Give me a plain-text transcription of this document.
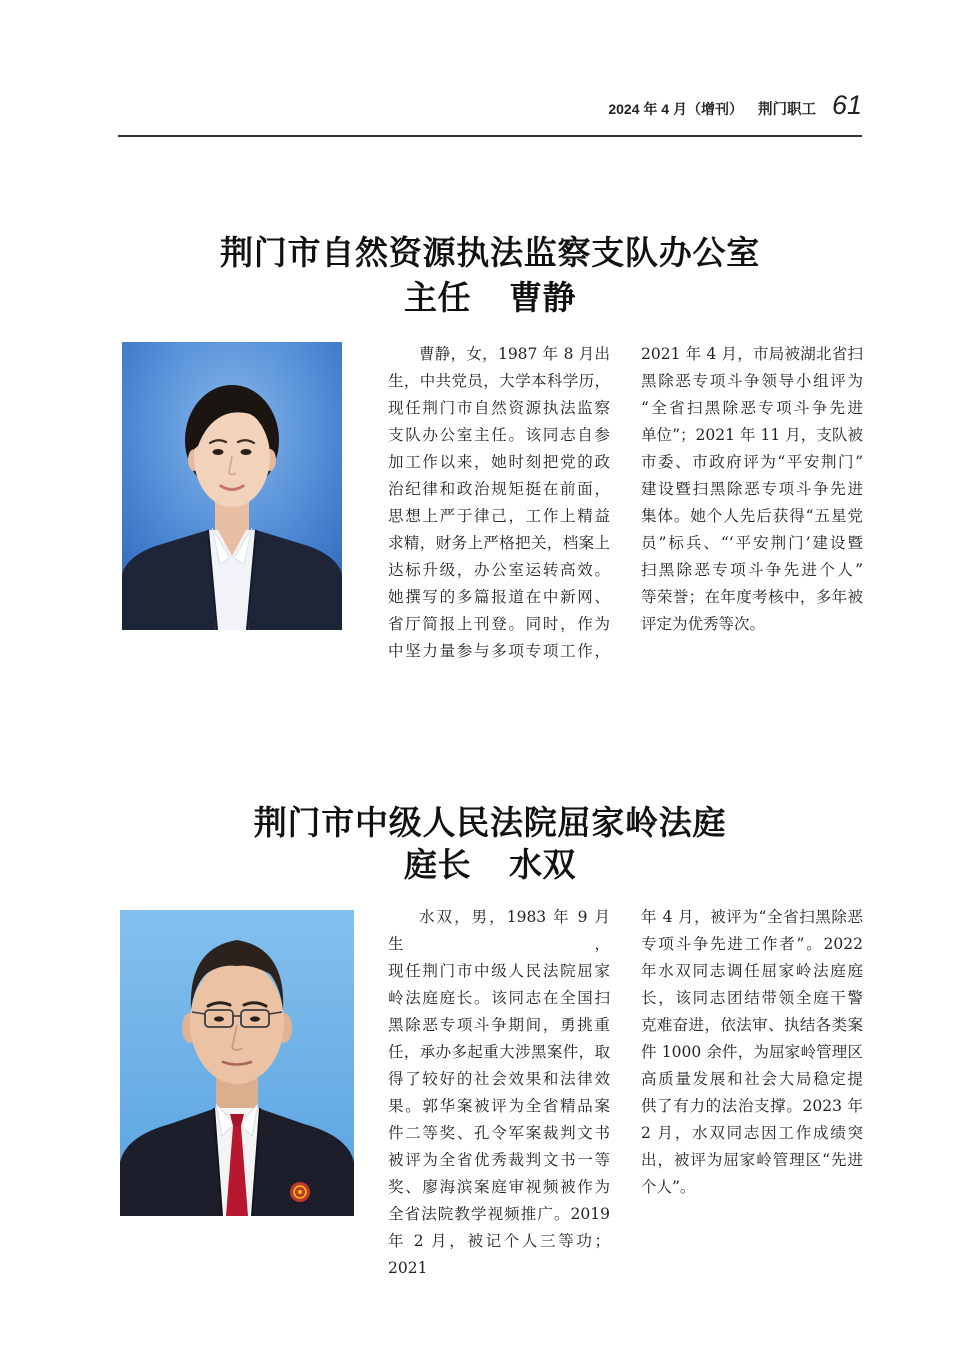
2024 年 4 月（增刊） 荆门职工 61
荆门市自然资源执法监察支队办公室
主任 曹静
曹静，女，1987 年 8 月出
生，中共党员，大学本科学历，
现任荆门市自然资源执法监察
支队办公室主任。该同志自参
加工作以来，她时刻把党的政
治纪律和政治规矩挺在前面，
思想上严于律己，工作上精益
求精，财务上严格把关，档案上
达标升级，办公室运转高效。
她撰写的多篇报道在中新网、
省厅简报上刊登。同时，作为
中坚力量参与多项专项工作，
2021 年 4 月，市局被湖北省扫
黑除恶专项斗争领导小组评为
“全省扫黑除恶专项斗争先进
单位”；2021 年 11 月，支队被
市委、市政府评为“平安荆门”
建设暨扫黑除恶专项斗争先进
集体。她个人先后获得“五星党
员”标兵、“‘平安荆门’建设暨
扫黑除恶专项斗争先进个人”
等荣誉；在年度考核中，多年被
评定为优秀等次。
荆门市中级人民法院屈家岭法庭
庭长 水双
水双，男，1983 年 9 月生，
现任荆门市中级人民法院屈家
岭法庭庭长。该同志在全国扫
黑除恶专项斗争期间，勇挑重
任，承办多起重大涉黑案件，取
得了较好的社会效果和法律效
果。郭华案被评为全省精品案
件二等奖、孔令军案裁判文书
被评为全省优秀裁判文书一等
奖、廖海滨案庭审视频被作为
全省法院教学视频推广。2019
年 2 月，被记个人三等功；2021
年 4 月，被评为“全省扫黑除恶
专项斗争先进工作者”。2022
年水双同志调任屈家岭法庭庭
长，该同志团结带领全庭干警
克难奋进，依法审、执结各类案
件 1000 余件，为屈家岭管理区
高质量发展和社会大局稳定提
供了有力的法治支撑。2023 年
2 月，水双同志因工作成绩突
出，被评为屈家岭管理区“先进
个人”。
